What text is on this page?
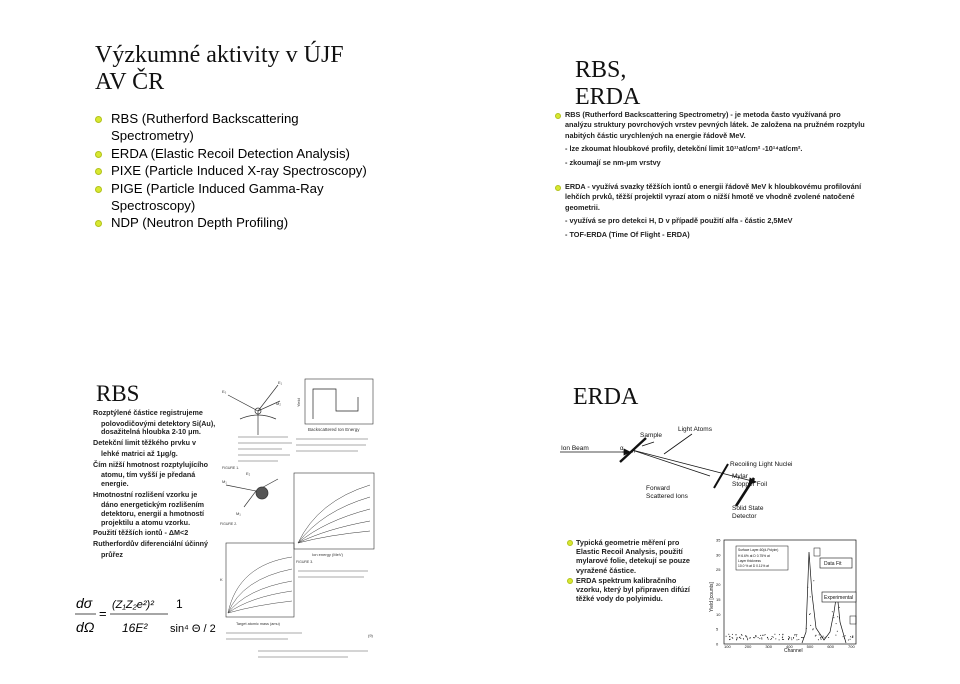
Výzkumné aktivity v ÚJF AV ČR
RBS (Rutherford Backscattering Spectrometry)
ERDA (Elastic Recoil Detection Analysis)
PIXE (Particle Induced X-ray Spectroscopy)
PIGE (Particle Induced Gamma-Ray Spectroscopy)
NDP (Neutron Depth Profiling)
RBS, ERDA
RBS (Rutherford Backscattering Spectrometry) - je metoda často využívaná pro analýzu struktury povrchových vrstev pevných látek. Je založena na pružném rozptylu nabitých částic urychlených na energie řádově MeV.
- lze zkoumat hloubkové profily, detekční limit 10¹¹at/cm² -10¹⁴at/cm².
- zkoumají se nm-μm vrstvy
ERDA - využívá svazky těžších iontů o energii řádově MeV k hloubkovému profilování lehčích prvků, těžší projektil vyrazí atom o nižší hmotě ve vhodně zvolené natočené geometrii.
- využívá se pro detekci H, D v případě použití alfa - částic 2,5MeV
- TOF-ERDA (Time Of Flight - ERDA)
RBS

Rozptýlené částice registrujeme

polovodičovými detektory Si(Au), dosažitelná hloubka 2-10 μm.

Detekční limit těžkého prvku v

lehké matrici až 1μg/g.

Čím nižší hmotnost rozptylujícího

atomu, tím vyšší je předaná energie.

Hmotnostní rozlišení vzorku je

dáno energetickým rozlišením detektoru, energií a hmotností projektilu a atomu vzorku.

Použití těžších iontů - ΔM<2

Rutherfordův diferenciální účinný

průřez

dσ
dΩ
=
(Z₁Z₂e²)²
16E²
1
sin⁴ Θ / 2
E₀
E₁
M₂
Backscattered Ion Energy
Yield
FIGURE 1.
M₁
E₂
M₁
FIGURE 2.
Ion energy (MeV)
FIGURE 3.
K
Target atomic mass (amu)
(9)
ERDA
Ion Beam
Sample
Light Atoms
Recoiling Light Nuclei
Mylar
Stopper Foil
Forward
Scattered Ions
Solid State
Detector
α
Typická geometrie měření pro Elastic Recoil Analysis, použití mylarové folie, detekují se pouze vyražené částice.
ERDA spektrum kalibračního vzorku, který byl připraven difúzí těžké vody do polyimidu.
35
30
25
20
15
10
5
0 100	200	300	400	500	600	700
Yield [counts]
Channel
Surface Layer-60(d-Polyim)
H 6.6% at D 0.75% at
Layer thickness
10.0 % at D 0.11% at	Data Fit
Experimental
